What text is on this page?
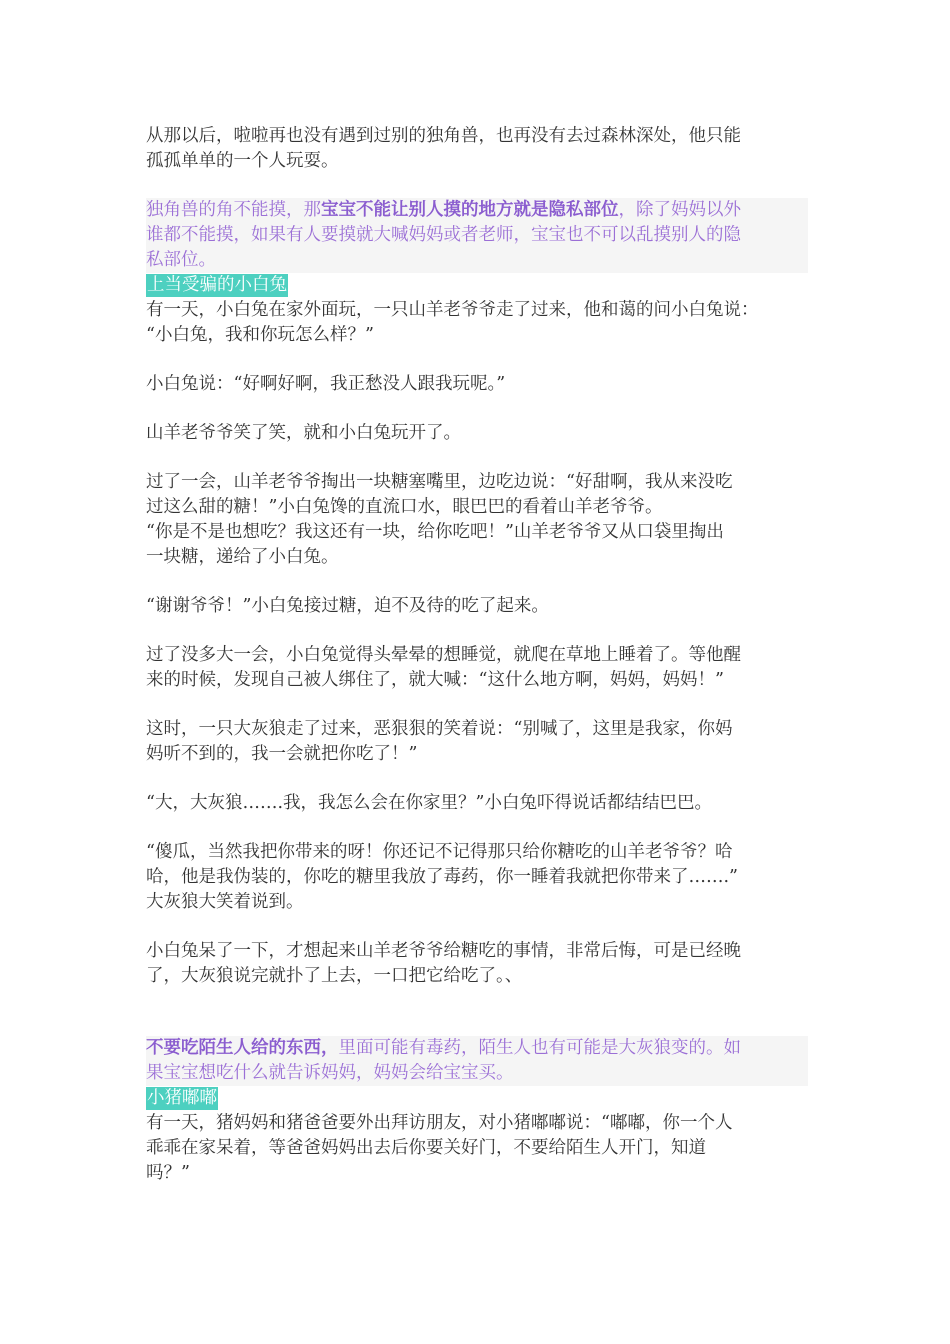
从那以后，啦啦再也没有遇到过别的独角兽，也再没有去过森林深处，他只能
孤孤单单的一个人玩耍。

独角兽的角不能摸，那宝宝不能让别人摸的地方就是隐私部位，除了妈妈以外
谁都不能摸，如果有人要摸就大喊妈妈或者老师，宝宝也不可以乱摸别人的隐
私部位。

上当受骗的小白兔

有一天，小白兔在家外面玩，一只山羊老爷爷走了过来，他和蔼的问小白兔说：
“小白兔，我和你玩怎么样？”

小白兔说：“好啊好啊，我正愁没人跟我玩呢。”

山羊老爷爷笑了笑，就和小白兔玩开了。

过了一会，山羊老爷爷掏出一块糖塞嘴里，边吃边说：“好甜啊，我从来没吃
过这么甜的糖！”小白兔馋的直流口水，眼巴巴的看着山羊老爷爷。
“你是不是也想吃？我这还有一块，给你吃吧！”山羊老爷爷又从口袋里掏出
一块糖，递给了小白兔。

“谢谢爷爷！”小白兔接过糖，迫不及待的吃了起来。

过了没多大一会，小白兔觉得头晕晕的想睡觉，就爬在草地上睡着了。等他醒
来的时候，发现自己被人绑住了，就大喊：“这什么地方啊，妈妈，妈妈！”

这时，一只大灰狼走了过来，恶狠狠的笑着说：“别喊了，这里是我家，你妈
妈听不到的，我一会就把你吃了！”

“大，大灰狼…….我，我怎么会在你家里？”小白兔吓得说话都结结巴巴。

“傻瓜，当然我把你带来的呀！你还记不记得那只给你糖吃的山羊老爷爷？哈
哈，他是我伪装的，你吃的糖里我放了毒药，你一睡着我就把你带来了…….”
大灰狼大笑着说到。

小白兔呆了一下，才想起来山羊老爷爷给糖吃的事情，非常后悔，可是已经晚
了，大灰狼说完就扑了上去，一口把它给吃了。、

不要吃陌生人给的东西，里面可能有毒药，陌生人也有可能是大灰狼变的。如
果宝宝想吃什么就告诉妈妈，妈妈会给宝宝买。

小猪嘟嘟

有一天，猪妈妈和猪爸爸要外出拜访朋友，对小猪嘟嘟说：“嘟嘟，你一个人
乖乖在家呆着，等爸爸妈妈出去后你要关好门，不要给陌生人开门，知道
吗？”
